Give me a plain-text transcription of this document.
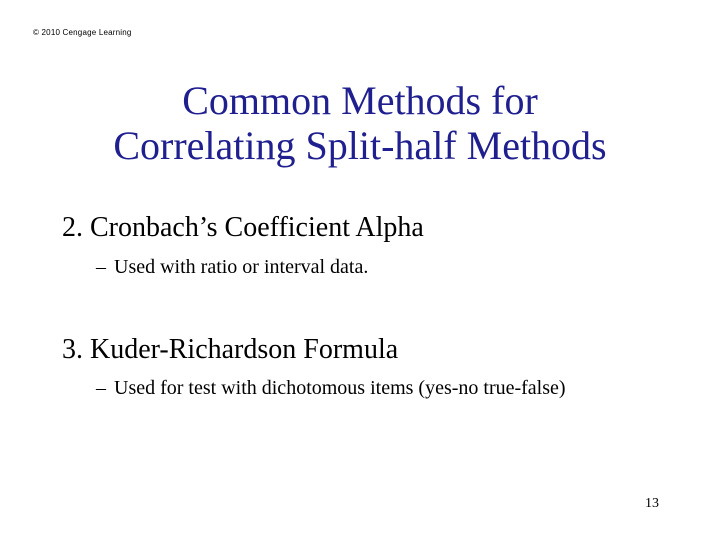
© 2010 Cengage Learning
Common Methods for
Correlating Split-half Methods
2. Cronbach’s Coefficient Alpha
– Used with ratio or interval data.
3. Kuder-Richardson Formula
– Used for test with dichotomous items (yes-no true-false)
13
